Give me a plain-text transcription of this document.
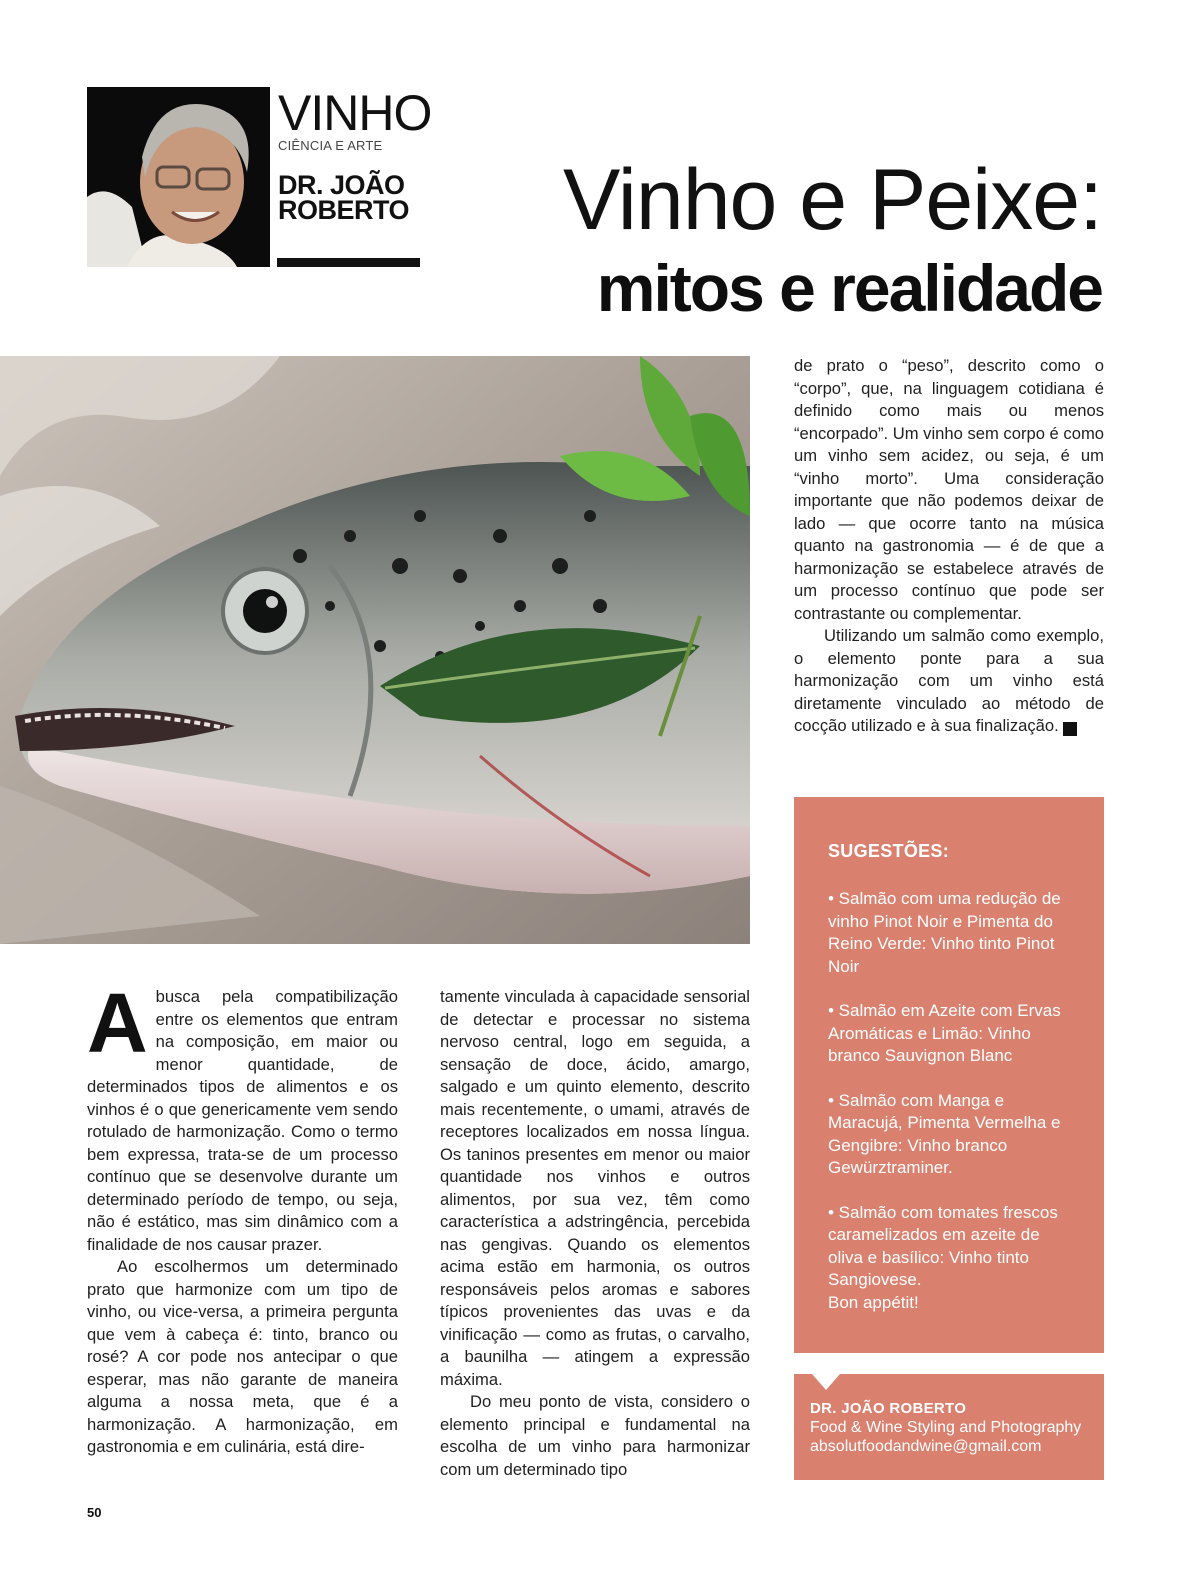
VINHO
CIÊNCIA E ARTE
DR. JOÃO
ROBERTO	Vinho e Peixe:
mitos e realidade

Abusca pela compatibilização entre os elementos que entram na composição, em maior ou menor quantidade, de determinados tipos de alimentos e os vinhos é o que genericamente vem sendo rotulado de harmonização. Como o termo bem expressa, trata-se de um processo contínuo que se desenvolve durante um determinado período de tempo, ou seja, não é estático, mas sim dinâmico com a finalidade de nos causar prazer.

Ao escolhermos um determinado prato que harmonize com um tipo de vinho, ou vice-versa, a primeira pergunta que vem à cabeça é: tinto, branco ou rosé? A cor pode nos antecipar o que esperar, mas não garante de maneira alguma a nossa meta, que é a harmonização. A harmonização, em gastronomia e em culinária, está dire-

tamente vinculada à capacidade sensorial de detectar e processar no sistema nervoso central, logo em seguida, a sensação de doce, ácido, amargo, salgado e um quinto elemento, descrito mais recentemente, o umami, através de receptores localizados em nossa língua. Os taninos presentes em menor ou maior quantidade nos vinhos e outros alimentos, por sua vez, têm como característica a adstringência, percebida nas gengivas. Quando os elementos acima estão em harmonia, os outros responsáveis pelos aromas e sabores típicos provenientes das uvas e da vinificação — como as frutas, o carvalho, a baunilha — atingem a expressão máxima.

Do meu ponto de vista, considero o elemento principal e fundamental na escolha de um vinho para harmonizar com um determinado tipo

de prato o “peso”, descrito como o “corpo”, que, na linguagem cotidiana é definido como mais ou menos “encorpado”. Um vinho sem corpo é como um vinho sem acidez, ou seja, é um “vinho morto”. Uma consideração importante que não podemos deixar de lado — que ocorre tanto na música quanto na gastronomia — é de que a harmonização se estabelece através de um processo contínuo que pode ser contrastante ou complementar.

Utilizando um salmão como exemplo, o elemento ponte para a sua harmonização com um vinho está diretamente vinculado ao método de cocção utilizado e à sua finalização.	r

SUGESTÕES:
• Salmão com uma redução de vinho Pinot Noir e Pimenta do Reino Verde: Vinho tinto Pinot Noir
• Salmão em Azeite com Ervas Aromáticas e Limão: Vinho branco Sauvignon Blanc
• Salmão com Manga e Maracujá, Pimenta Vermelha e Gengibre: Vinho branco Gewürztraminer.
• Salmão com tomates frescos caramelizados em azeite de oliva e basílico: Vinho tinto Sangiovese.
Bon appétit!
DR. JOÃO ROBERTO
Food & Wine Styling and Photography
absolutfoodandwine@gmail.com
50
